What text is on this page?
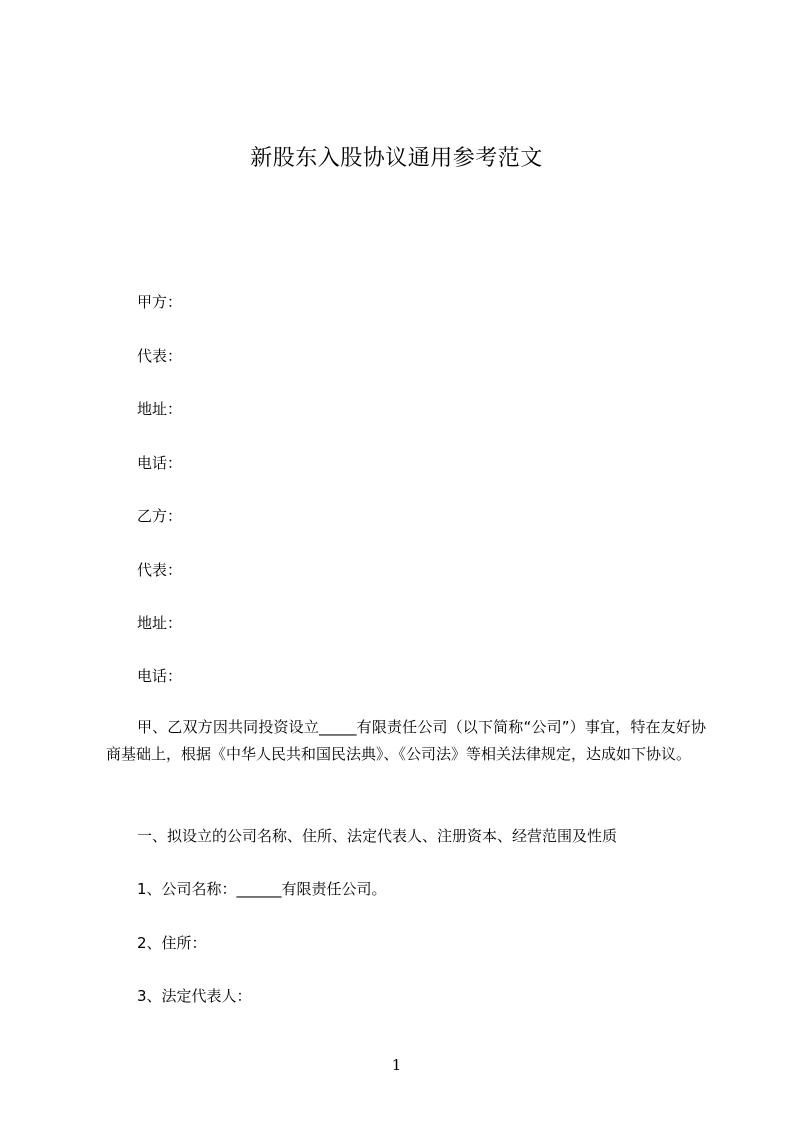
新股东入股协议通用参考范文
甲方：
代表：
地址：
电话：
乙方：
代表：
地址：
电话：
甲、乙双方因共同投资设立_____有限责任公司（以下简称“公司”）事宜，特在友好协商基础上，根据《中华人民共和国民法典》、《公司法》等相关法律规定，达成如下协议。
一、拟设立的公司名称、住所、法定代表人、注册资本、经营范围及性质
1、公司名称：______有限责任公司。
2、住所：
3、法定代表人：
1
